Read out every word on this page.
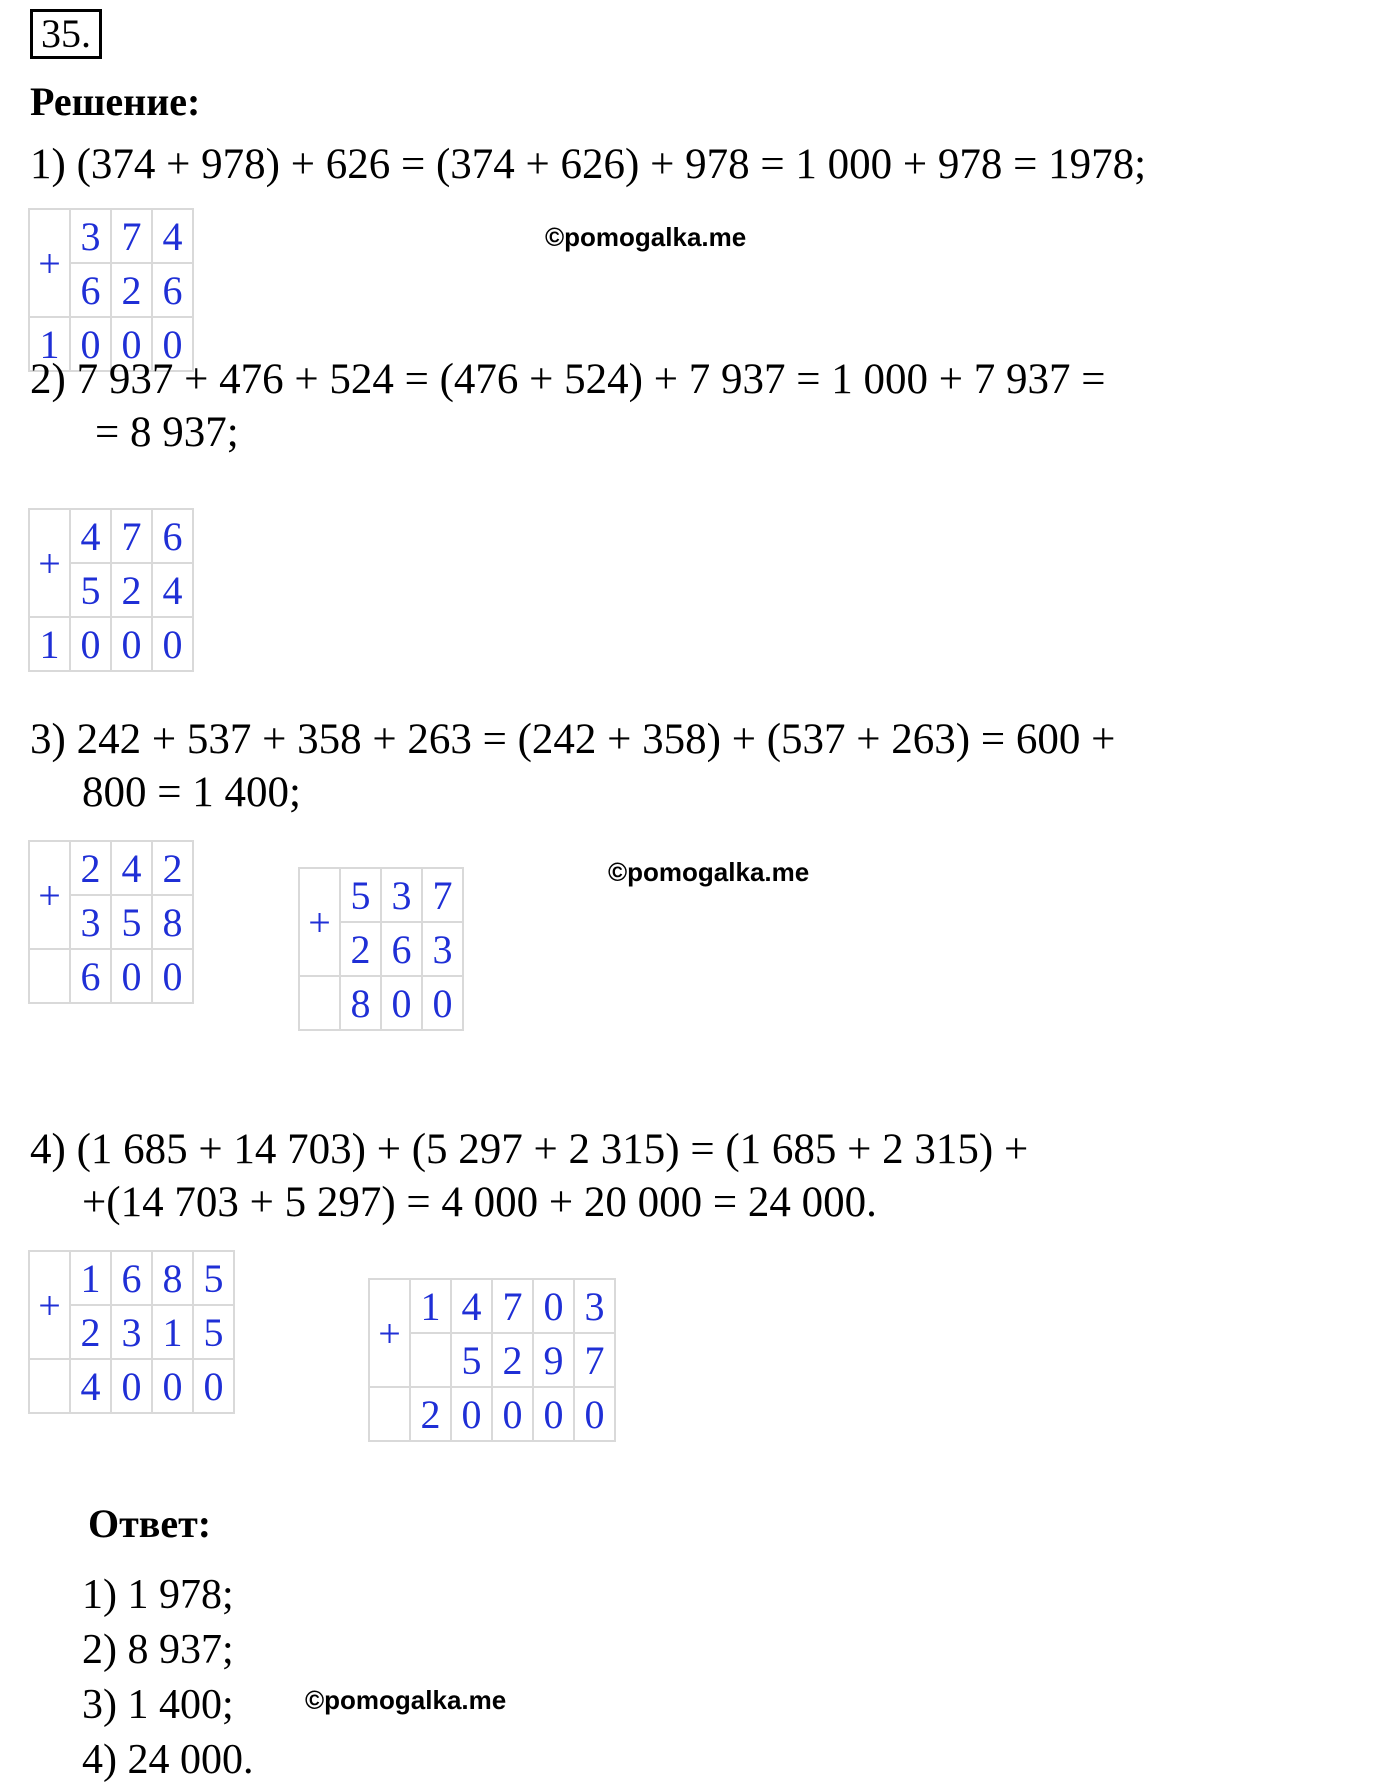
35.
Решение:
1) (374 + 978) + 626 = (374 + 626) + 978 = 1 000 + 978 = 1978;
+	3	7	4
	6	2	6
1	0	0	0
©pomogalka.me
2) 7 937 + 476 + 524 = (476 + 524) + 7 937 = 1 000 + 7 937 =
= 8 937;
+	4	7	6
	5	2	4
1	0	0	0
3) 242 + 537 + 358 + 263 = (242 + 358) + (537 + 263) = 600 +
800 = 1 400;
+	2	4	2
	3	5	8
	6	0	0
+	5	3	7
	2	6	3
	8	0	0
©pomogalka.me
4) (1 685 + 14 703) + (5 297 + 2 315) = (1 685 + 2 315) +
+(14 703 + 5 297) = 4 000 + 20 000 = 24 000.
+	1	6	8	5
	2	3	1	5
	4	0	0	0
+	1	4	7	0	3
		5	2	9	7
	2	0	0	0	0
Ответ:
1) 1 978;
2) 8 937;
3) 1 400;
4) 24 000.
©pomogalka.me
